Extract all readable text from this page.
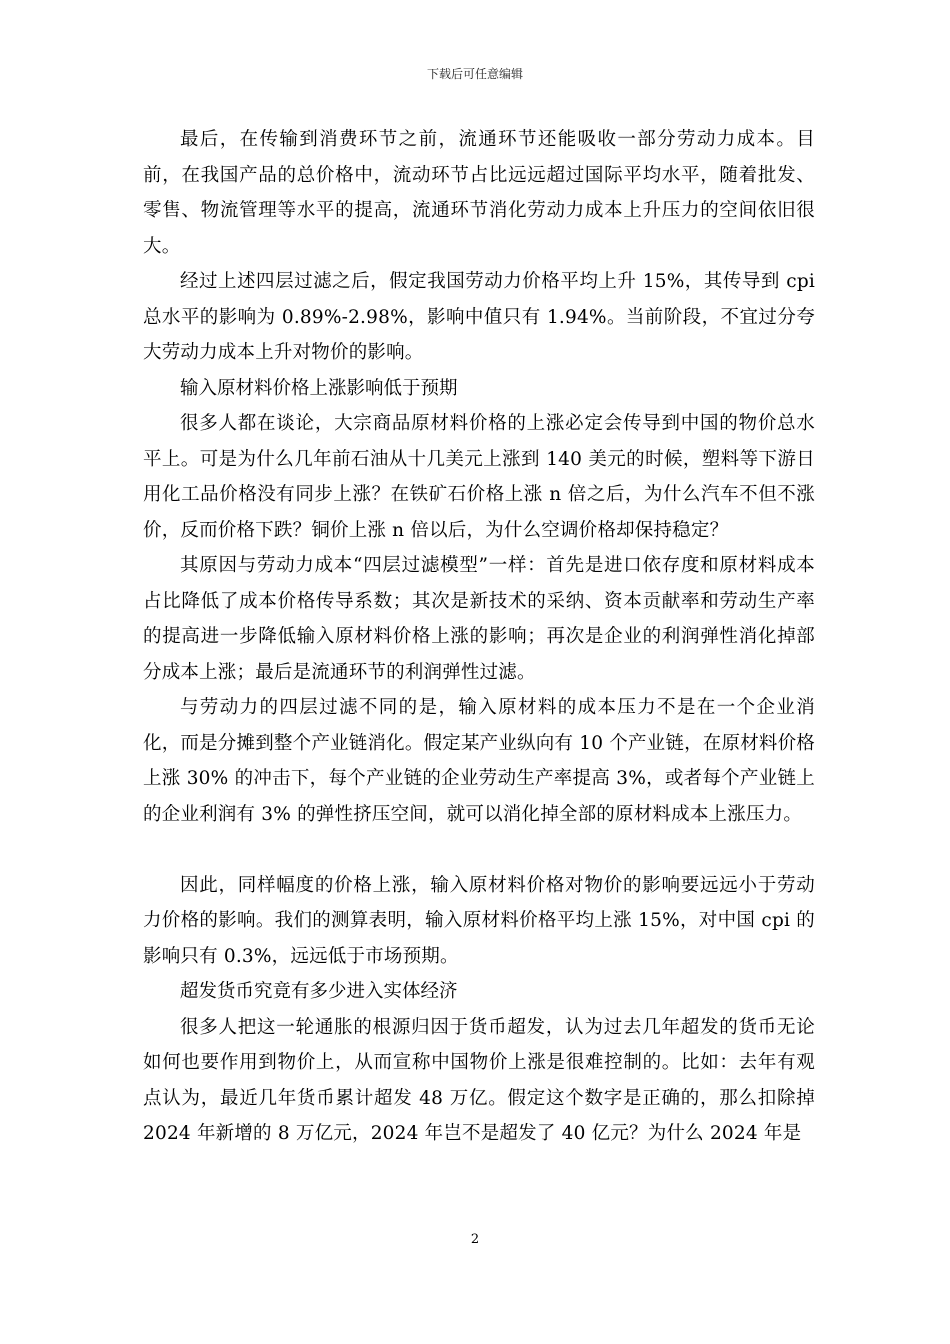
下载后可任意编辑

最后，在传输到消费环节之前，流通环节还能吸收一部分劳动力成本。目前，在我国产品的总价格中，流动环节占比远远超过国际平均水平，随着批发、零售、物流管理等水平的提高，流通环节消化劳动力成本上升压力的空间依旧很大。

经过上述四层过滤之后，假定我国劳动力价格平均上升 15%，其传导到 cpi 总水平的影响为 0.89%-2.98%，影响中值只有 1.94%。当前阶段，不宜过分夸大劳动力成本上升对物价的影响。

输入原材料价格上涨影响低于预期

很多人都在谈论，大宗商品原材料价格的上涨必定会传导到中国的物价总水平上。可是为什么几年前石油从十几美元上涨到 140 美元的时候，塑料等下游日用化工品价格没有同步上涨？在铁矿石价格上涨 n 倍之后，为什么汽车不但不涨价，反而价格下跌？铜价上涨 n 倍以后，为什么空调价格却保持稳定？

其原因与劳动力成本“四层过滤模型”一样：首先是进口依存度和原材料成本占比降低了成本价格传导系数；其次是新技术的采纳、资本贡献率和劳动生产率的提高进一步降低输入原材料价格上涨的影响；再次是企业的利润弹性消化掉部分成本上涨；最后是流通环节的利润弹性过滤。

与劳动力的四层过滤不同的是，输入原材料的成本压力不是在一个企业消化，而是分摊到整个产业链消化。假定某产业纵向有 10 个产业链，在原材料价格上涨 30% 的冲击下，每个产业链的企业劳动生产率提高 3%，或者每个产业链上的企业利润有 3% 的弹性挤压空间，就可以消化掉全部的原材料成本上涨压力。

因此，同样幅度的价格上涨，输入原材料价格对物价的影响要远远小于劳动力价格的影响。我们的测算表明，输入原材料价格平均上涨 15%，对中国 cpi 的影响只有 0.3%，远远低于市场预期。

超发货币究竟有多少进入实体经济

很多人把这一轮通胀的根源归因于货币超发，认为过去几年超发的货币无论如何也要作用到物价上，从而宣称中国物价上涨是很难控制的。比如：去年有观点认为，最近几年货币累计超发 48 万亿。假定这个数字是正确的，那么扣除掉 2024 年新增的 8 万亿元，2024 年岂不是超发了 40 亿元？为什么 2024 年是

2
